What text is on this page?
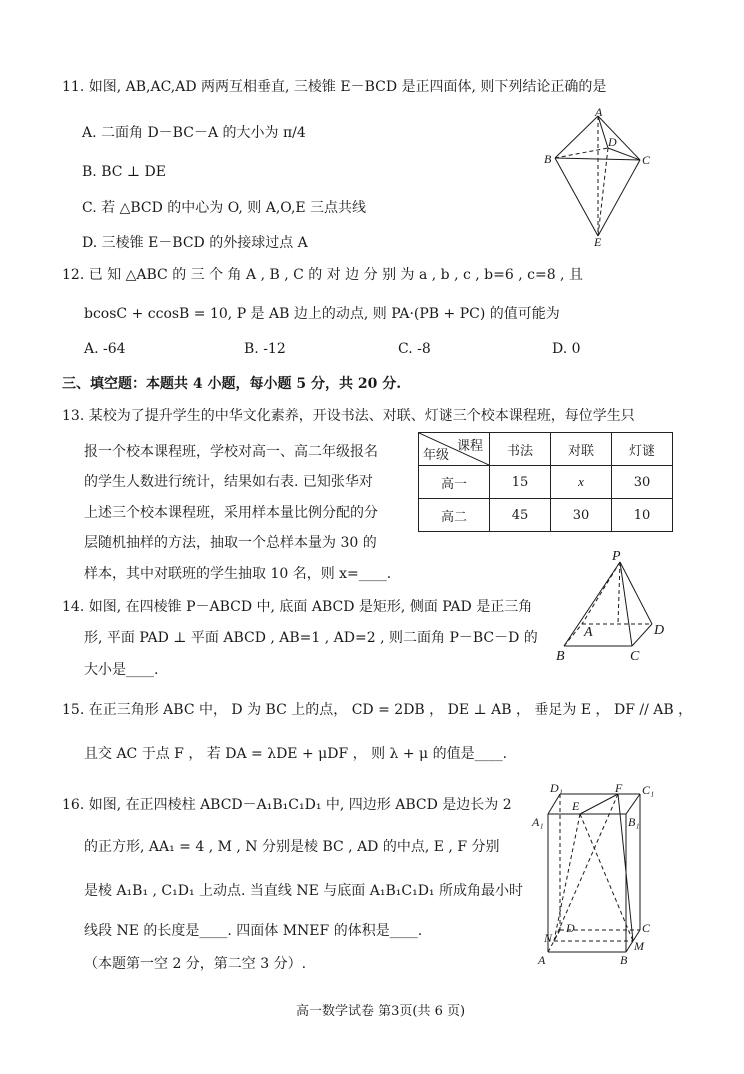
11. 如图, AB,AC,AD 两两互相垂直, 三棱锥 E－BCD 是正四面体, 则下列结论正确的是
A. 二面角 D－BC－A 的大小为 π/4
B. BC ⊥ DE
C. 若 △BCD 的中心为 O, 则 A,O,E 三点共线
D. 三棱锥 E－BCD 的外接球过点 A
A
B	C
D
E
12. 已 知 △ABC 的 三 个 角 A , B , C 的 对 边 分 别 为 a , b , c , b=6 , c=8 , 且
bcosC + ccosB = 10, P 是 AB 边上的动点, 则 PA·(PB + PC) 的值可能为
A. -64	B. -12	C. -8	D. 0
三、填空题：本题共 4 小题，每小题 5 分，共 20 分.
13. 某校为了提升学生的中华文化素养，开设书法、对联、灯谜三个校本课程班，每位学生只
报一个校本课程班，学校对高一、高二年级报名
的学生人数进行统计，结果如右表. 已知张华对
上述三个校本课程班，采用样本量比例分配的分
层随机抽样的方法，抽取一个总样本量为 30 的
样本，其中对联班的学生抽取 10 名，则 x=____.
课程
年级	书法	对联	灯谜
高一	15	x	30
高二	45	30	10
14. 如图, 在四棱锥 P－ABCD 中, 底面 ABCD 是矩形, 侧面 PAD 是正三角
形, 平面 PAD ⊥ 平面 ABCD , AB=1 , AD=2 , 则二面角 P－BC－D 的
大小是____.
P
A
B	C
D
15. 在正三角形 ABC 中， D 为 BC 上的点， CD = 2DB ， DE ⊥ AB ， 垂足为 E ， DF // AB ，
且交 AC 于点 F ， 若 DA = λDE + μDF ， 则 λ + μ 的值是____.
16. 如图, 在正四棱柱 ABCD－A₁B₁C₁D₁ 中, 四边形 ABCD 是边长为 2
的正方形, AA₁ = 4 , M , N 分别是棱 BC , AD 的中点, E , F 分别
是棱 A₁B₁ , C₁D₁ 上动点. 当直线 NE 与底面 A₁B₁C₁D₁ 所成角最小时
线段 NE 的长度是____. 四面体 MNEF 的体积是____.
（本题第一空 2 分，第二空 3 分）.
D₁	F C₁
E
A₁	B₁
D	C
N
M
A	B
高一数学试卷 第3页(共 6 页)
